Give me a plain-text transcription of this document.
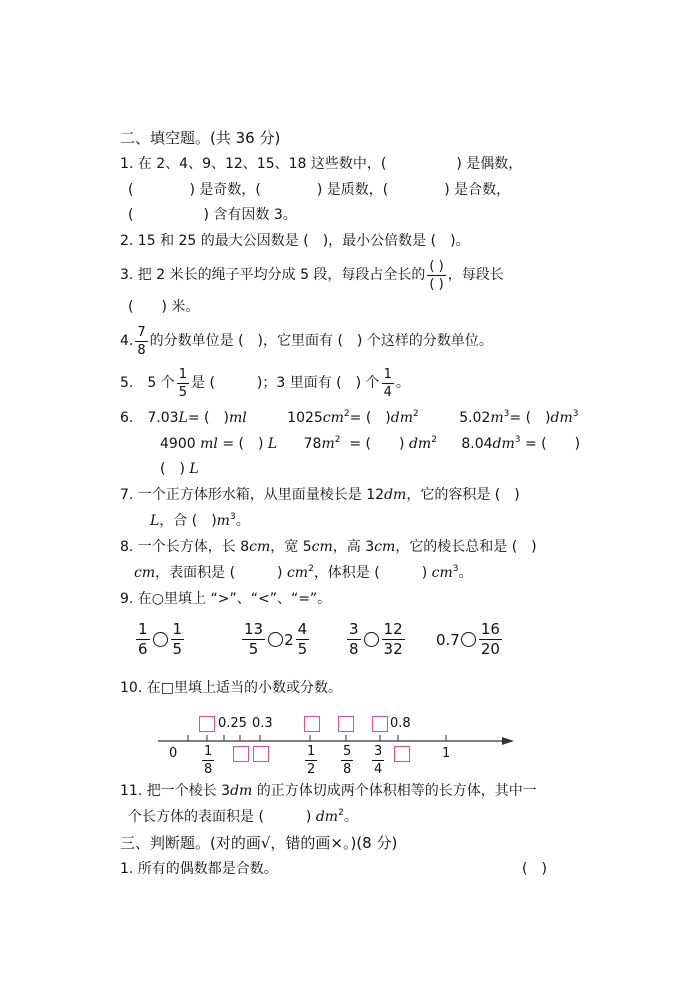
二、填空题。(共 36 分)
1. 在 2、4、9、12、15、18 这些数中，(　　　　　) 是偶数，
(　　　　) 是奇数，(　　　　) 是质数，(　　　　) 是合数，
(　　　　　) 含有因数 3。
2. 15 和 25 的最大公因数是 (　)，最小公倍数是 (　)。
3. 把 2 米长的绳子平均分成 5 段，每段占全长的 $\frac{( )}{( )}$ ，每段长
(　　) 米。
4. $\frac{7}{8}$ 的分数单位是 (　)，它里面有 (　) 个这样的分数单位。
5.　5 个 $\frac{1}{5}$ 是 (　　　)；3 里面有 (　) 个 $\frac{1}{4}$ 。
6.　7.03L= (　)ml	$1025cm^2=$ (　)$dm^2$	$5.02m^3=$ (　)$dm^3$
4900 ml = (　) L $78m^2$ = (　　) $dm^2$ $8.04dm^3$ = (　　)
(　) L
7. 一个正方体形水箱，从里面量棱长是 12dm，它的容积是 (　)
L，合 (　)$m^3$。
8. 一个长方体，长 8cm，宽 5cm，高 3cm，它的棱长总和是 (　)
cm，表面积是 (　　　) $cm^2$，体积是 (　　　) $cm^3$。
9. 在○里填上 “>”、“<”、“=”。
$\frac{1}{6} \frac{1}{5}$	$\frac{13}{5} 2 \frac{4}{5}$	$\frac{3}{8} \frac{12}{32} 0.7 \frac{16}{20}$
10. 在□里填上适当的小数或分数。
0.25 0.3	0.8
0	1
$\frac{1}{8}$	$\frac{1}{2} \frac{5}{8} \frac{3}{4}$
11. 把一个棱长 3dm 的正方体切成两个体积相等的长方体，其中一
个长方体的表面积是 (　　　) $dm^2$。
三、判断题。(对的画√，错的画×。)(8 分)
1. 所有的偶数都是合数。	(　)
